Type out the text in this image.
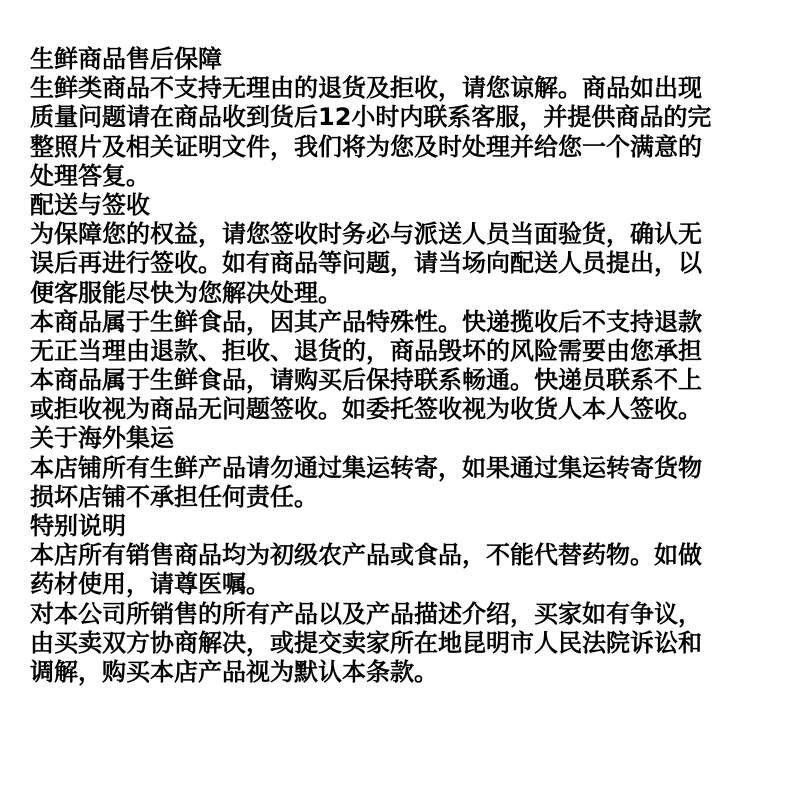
生鲜商品售后保障
生鲜类商品不支持无理由的退货及拒收，请您谅解。商品如出现
质量问题请在商品收到货后12小时内联系客服，并提供商品的完
整照片及相关证明文件，我们将为您及时处理并给您一个满意的
处理答复。
配送与签收
为保障您的权益，请您签收时务必与派送人员当面验货，确认无
误后再进行签收。如有商品等问题，请当场向配送人员提出，以
便客服能尽快为您解决处理。
本商品属于生鲜食品，因其产品特殊性。快递揽收后不支持退款
无正当理由退款、拒收、退货的，商品毁坏的风险需要由您承担
本商品属于生鲜食品，请购买后保持联系畅通。快递员联系不上
或拒收视为商品无问题签收。如委托签收视为收货人本人签收。
关于海外集运
本店铺所有生鲜产品请勿通过集运转寄，如果通过集运转寄货物
损坏店铺不承担任何责任。
特别说明
本店所有销售商品均为初级农产品或食品，不能代替药物。如做
药材使用，请尊医嘱。
对本公司所销售的所有产品以及产品描述介绍，买家如有争议，
由买卖双方协商解决，或提交卖家所在地昆明市人民法院诉讼和
调解，购买本店产品视为默认本条款。
